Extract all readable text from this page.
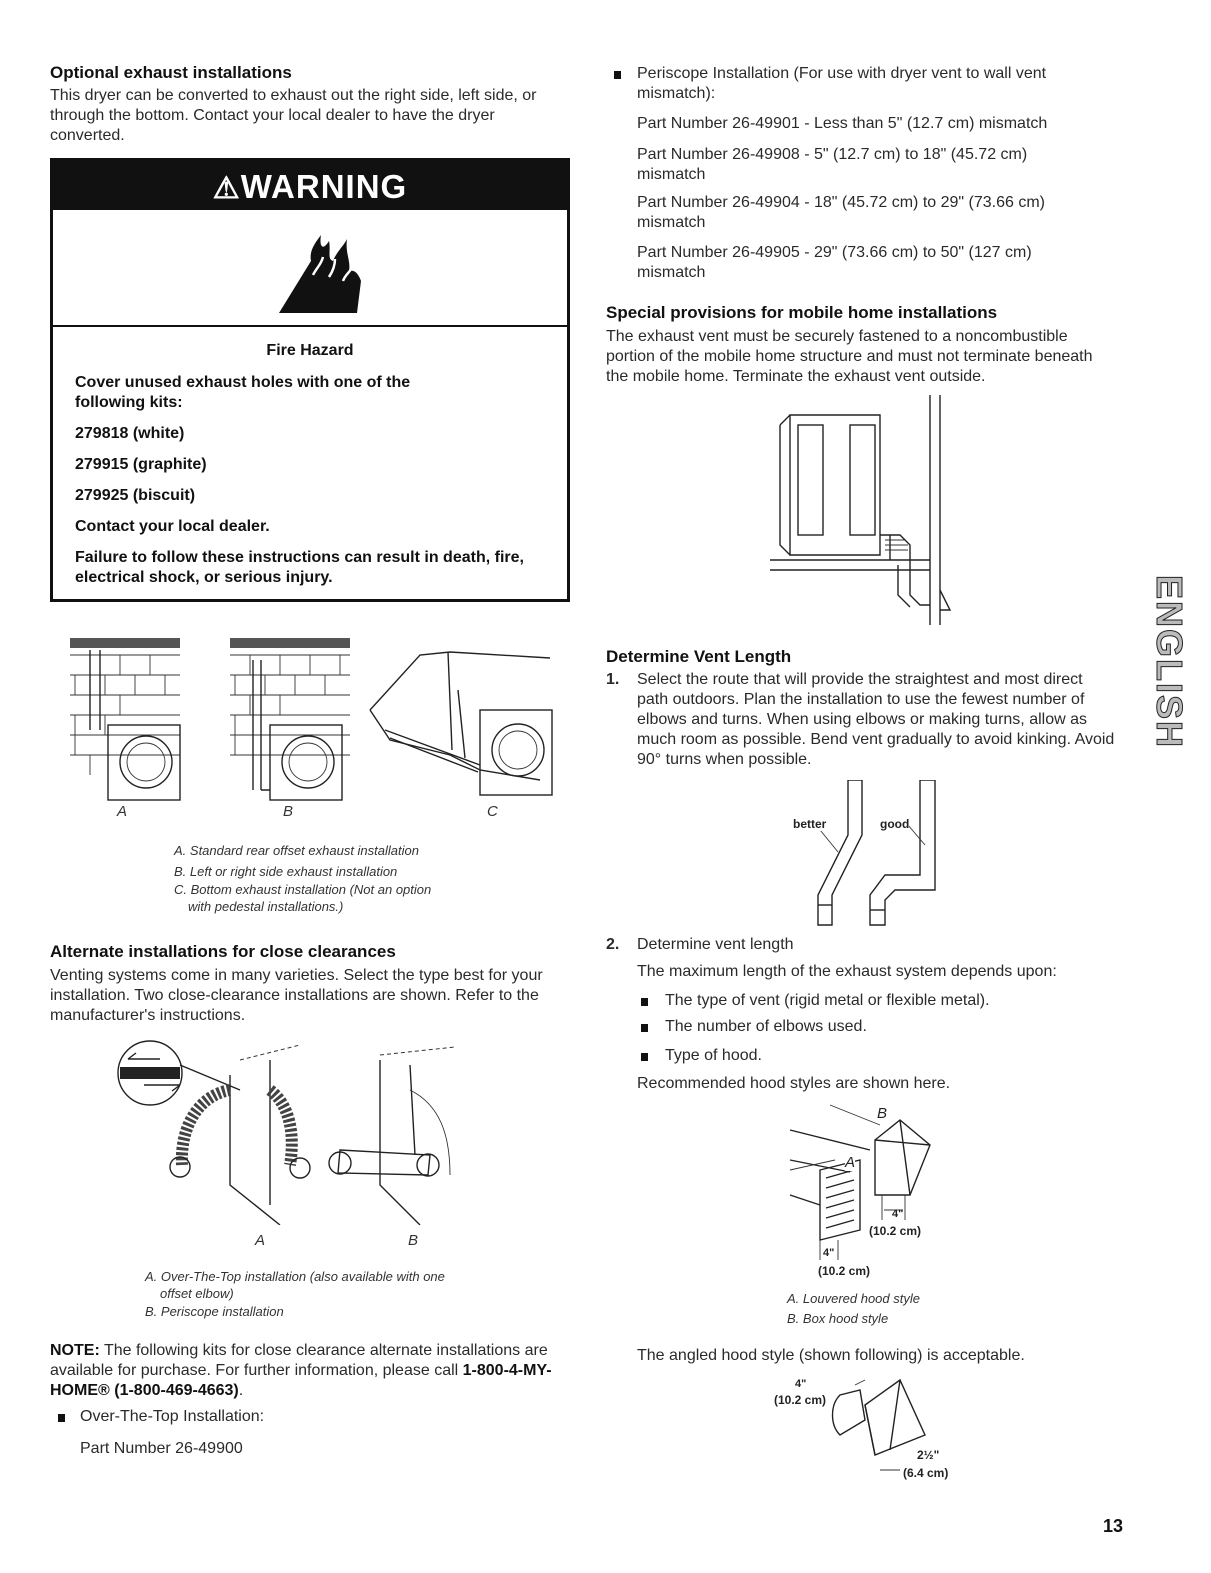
Optional exhaust installations
This dryer can be converted to exhaust out the right side, left side, or through the bottom. Contact your local dealer to have the dryer converted.
⚠WARNING
Fire Hazard
Cover unused exhaust holes with one of the following kits:
279818 (white)
279915 (graphite)
279925 (biscuit)
Contact your local dealer.
Failure to follow these instructions can result in death, fire, electrical shock, or serious injury.
A	B	C
A. Standard rear offset exhaust installation
B. Left or right side exhaust installation
C. Bottom exhaust installation (Not an option
with pedestal installations.)
Alternate installations for close clearances
Venting systems come in many varieties. Select the type best for your installation. Two close-clearance installations are shown. Refer to the manufacturer's instructions.
A	B
A. Over-The-Top installation (also available with one
offset elbow)
B. Periscope installation
NOTE: The following kits for close clearance alternate installations are available for purchase. For further information, please call 1-800-4-MY-HOME® (1-800-469-4663).
Over-The-Top Installation:
Part Number 26-49900
Periscope Installation (For use with dryer vent to wall vent mismatch):
Part Number 26-49901 - Less than 5" (12.7 cm) mismatch
Part Number 26-49908 - 5" (12.7 cm) to 18" (45.72 cm) mismatch
Part Number 26-49904 - 18" (45.72 cm) to 29" (73.66 cm) mismatch
Part Number 26-49905 - 29" (73.66 cm) to 50" (127 cm) mismatch
Special provisions for mobile home installations
The exhaust vent must be securely fastened to a noncombustible portion of the mobile home structure and must not terminate beneath the mobile home. Terminate the exhaust vent outside.
Determine Vent Length
1. Select the route that will provide the straightest and most direct path outdoors. Plan the installation to use the fewest number of elbows and turns. When using elbows or making turns, allow as much room as possible. Bend vent gradually to avoid kinking. Avoid 90° turns when possible.
better	good
2. Determine vent length
The maximum length of the exhaust system depends upon:
The type of vent (rigid metal or flexible metal).
The number of elbows used.
Type of hood.
Recommended hood styles are shown here.
B
A
4"
(10.2 cm)
4"
(10.2 cm)
A. Louvered hood style
B. Box hood style
The angled hood style (shown following) is acceptable.
4"
(10.2 cm)
2½"
(6.4 cm)
ENGLISH
13
